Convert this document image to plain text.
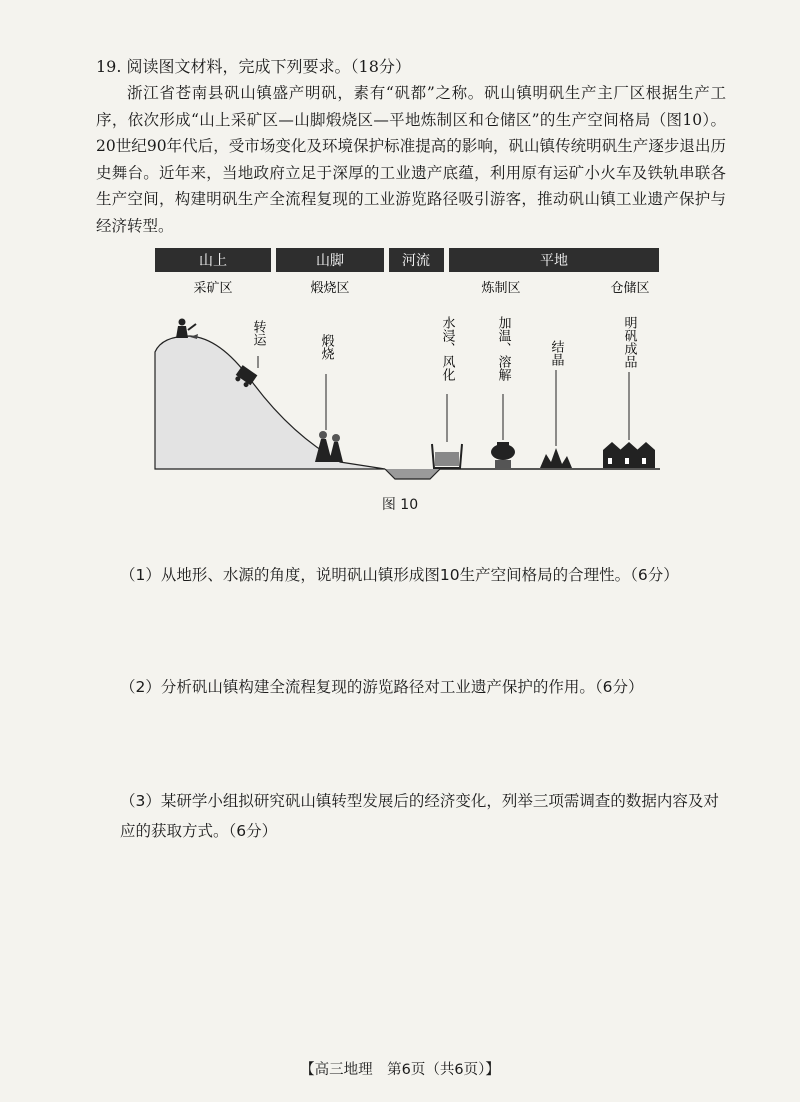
19. 阅读图文材料，完成下列要求。（18分）

浙江省苍南县矾山镇盛产明矾，素有“矾都”之称。矾山镇明矾生产主厂区根据生产工序，依次形成“山上采矿区—山脚煅烧区—平地炼制区和仓储区”的生产空间格局（图10）。20世纪90年代后，受市场变化及环境保护标准提高的影响，矾山镇传统明矾生产逐步退出历史舞台。近年来，当地政府立足于深厚的工业遗产底蕴，利用原有运矿小火车及铁轨串联各生产空间，构建明矾生产全流程复现的工业游览路径吸引游客，推动矾山镇工业遗产保护与经济转型。

山上	山脚	河流	平地
采矿区	煅烧区	炼制区	仓储区
转运
煅烧	水浸、风化	加温、溶解	结晶	明矾成品
图 10
（1）从地形、水源的角度，说明矾山镇形成图10生产空间格局的合理性。（6分）
（2）分析矾山镇构建全流程复现的游览路径对工业遗产保护的作用。（6分）
（3）某研学小组拟研究矾山镇转型发展后的经济变化，列举三项需调查的数据内容及对应的获取方式。（6分）
【高三地理　第6页（共6页）】
